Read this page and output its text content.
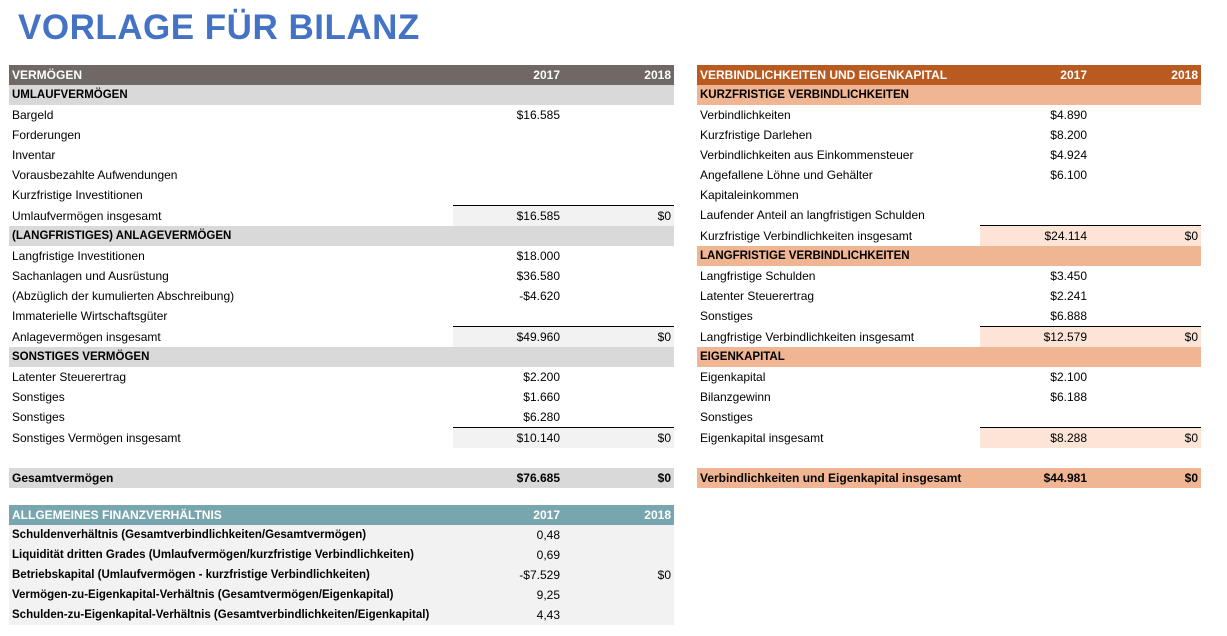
VORLAGE FÜR BILANZ
VERMÖGEN	2017	2018
UMLAUFVERMÖGEN		
Bargeld	$16.585	
Forderungen		
Inventar		
Vorausbezahlte Aufwendungen		
Kurzfristige Investitionen		
Umlaufvermögen insgesamt	$16.585	$0
(LANGFRISTIGES) ANLAGEVERMÖGEN		
Langfristige Investitionen	$18.000	
Sachanlagen und Ausrüstung	$36.580	
(Abzüglich der kumulierten Abschreibung)	-$4.620	
Immaterielle Wirtschaftsgüter		
Anlagevermögen insgesamt	$49.960	$0
SONSTIGES VERMÖGEN		
Latenter Steuerertrag	$2.200	
Sonstiges	$1.660	
Sonstiges	$6.280	
Sonstiges Vermögen insgesamt	$10.140	$0

Gesamtvermögen	$76.685	$0
VERBINDLICHKEITEN UND EIGENKAPITAL	2017	2018
KURZFRISTIGE VERBINDLICHKEITEN		
Verbindlichkeiten	$4.890	
Kurzfristige Darlehen	$8.200	
Verbindlichkeiten aus Einkommensteuer	$4.924	
Angefallene Löhne und Gehälter	$6.100	
Kapitaleinkommen		
Laufender Anteil an langfristigen Schulden		
Kurzfristige Verbindlichkeiten insgesamt	$24.114	$0
LANGFRISTIGE VERBINDLICHKEITEN		
Langfristige Schulden	$3.450	
Latenter Steuerertrag	$2.241	
Sonstiges	$6.888	
Langfristige Verbindlichkeiten insgesamt	$12.579	$0
EIGENKAPITAL		
Eigenkapital	$2.100	
Bilanzgewinn	$6.188	
Sonstiges		
Eigenkapital insgesamt	$8.288	$0

Verbindlichkeiten und Eigenkapital insgesamt	$44.981	$0
ALLGEMEINES FINANZVERHÄLTNIS	2017	2018
Schuldenverhältnis (Gesamtverbindlichkeiten/Gesamtvermögen)	0,48	
Liquidität dritten Grades (Umlaufvermögen/kurzfristige Verbindlichkeiten)	0,69	
Betriebskapital (Umlaufvermögen - kurzfristige Verbindlichkeiten)	-$7.529	$0
Vermögen-zu-Eigenkapital-Verhältnis (Gesamtvermögen/Eigenkapital)	9,25	
Schulden-zu-Eigenkapital-Verhältnis (Gesamtverbindlichkeiten/Eigenkapital)	4,43	
